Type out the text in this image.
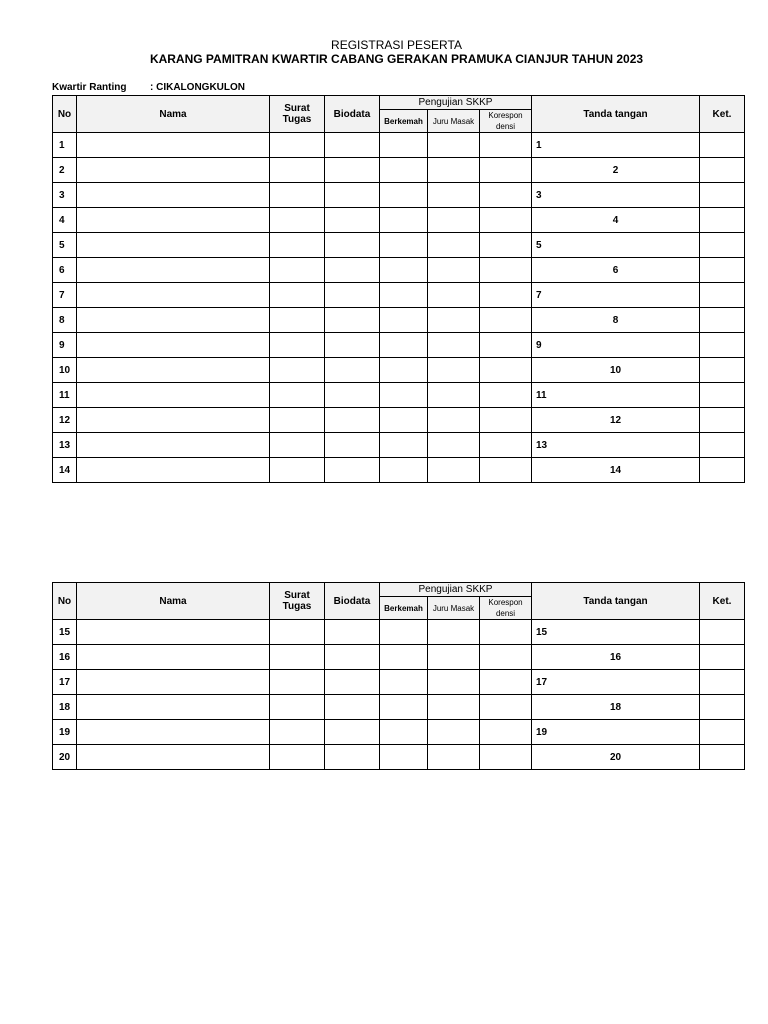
REGISTRASI PESERTA
KARANG PAMITRAN KWARTIR CABANG GERAKAN PRAMUKA CIANJUR TAHUN 2023
Kwartir Ranting : CIKALONGKULON
No	Nama	Surat Tugas	Biodata	Pengujian SKKP			Tanda tangan	Ket.
				Berkemah	Juru Masak	Korespon densi		
1							1	
2							2	
3							3	
4							4	
5							5	
6							6	
7							7	
8							8	
9							9	
10							10	
11							11	
12							12	
13							13	
14							14	
No	Nama	Surat Tugas	Biodata	Pengujian SKKP			Tanda tangan	Ket.
				Berkemah	Juru Masak	Korespon densi		
15							15	
16							16	
17							17	
18							18	
19							19	
20							20	
